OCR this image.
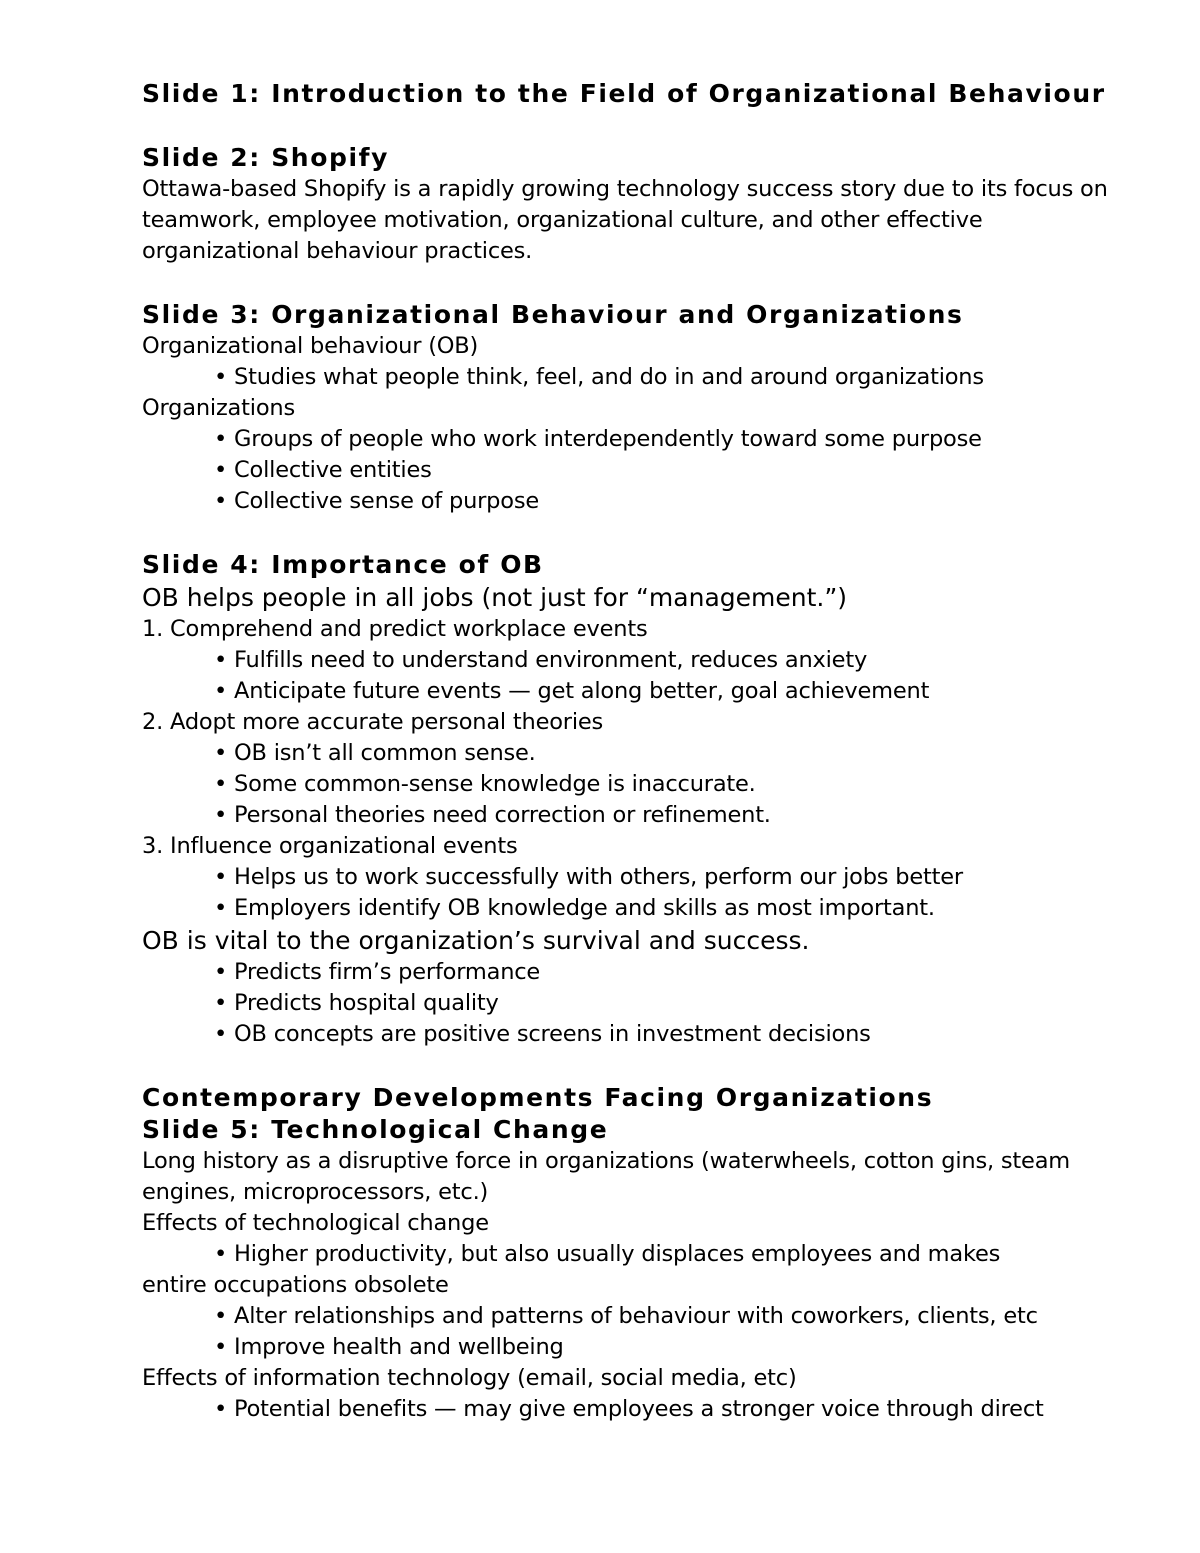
Slide 1: Introduction to the Field of Organizational Behaviour

Slide 2: Shopify

Ottawa-based Shopify is a rapidly growing technology success story due to its focus on teamwork, employee motivation, organizational culture, and other effective organizational behaviour practices.

Slide 3: Organizational Behaviour and Organizations

Organizational behaviour (OB)

• Studies what people think, feel, and do in and around organizations

Organizations

• Groups of people who work interdependently toward some purpose

• Collective entities

• Collective sense of purpose

Slide 4: Importance of OB

OB helps people in all jobs (not just for “management.”)

1. Comprehend and predict workplace events

• Fulfills need to understand environment, reduces anxiety

• Anticipate future events — get along better, goal achievement

2. Adopt more accurate personal theories

• OB isn’t all common sense.

• Some common-sense knowledge is inaccurate.

• Personal theories need correction or refinement.

3. Influence organizational events

• Helps us to work successfully with others, perform our jobs better

• Employers identify OB knowledge and skills as most important.

OB is vital to the organization’s survival and success.

• Predicts firm’s performance

• Predicts hospital quality

• OB concepts are positive screens in investment decisions

Contemporary Developments Facing Organizations

Slide 5: Technological Change

Long history as a disruptive force in organizations (waterwheels, cotton gins, steam engines, microprocessors, etc.)

Effects of technological change

• Higher productivity, but also usually displaces employees and makes

entire occupations obsolete

• Alter relationships and patterns of behaviour with coworkers, clients, etc

• Improve health and wellbeing

Effects of information technology (email, social media, etc)

• Potential benefits — may give employees a stronger voice through direct
